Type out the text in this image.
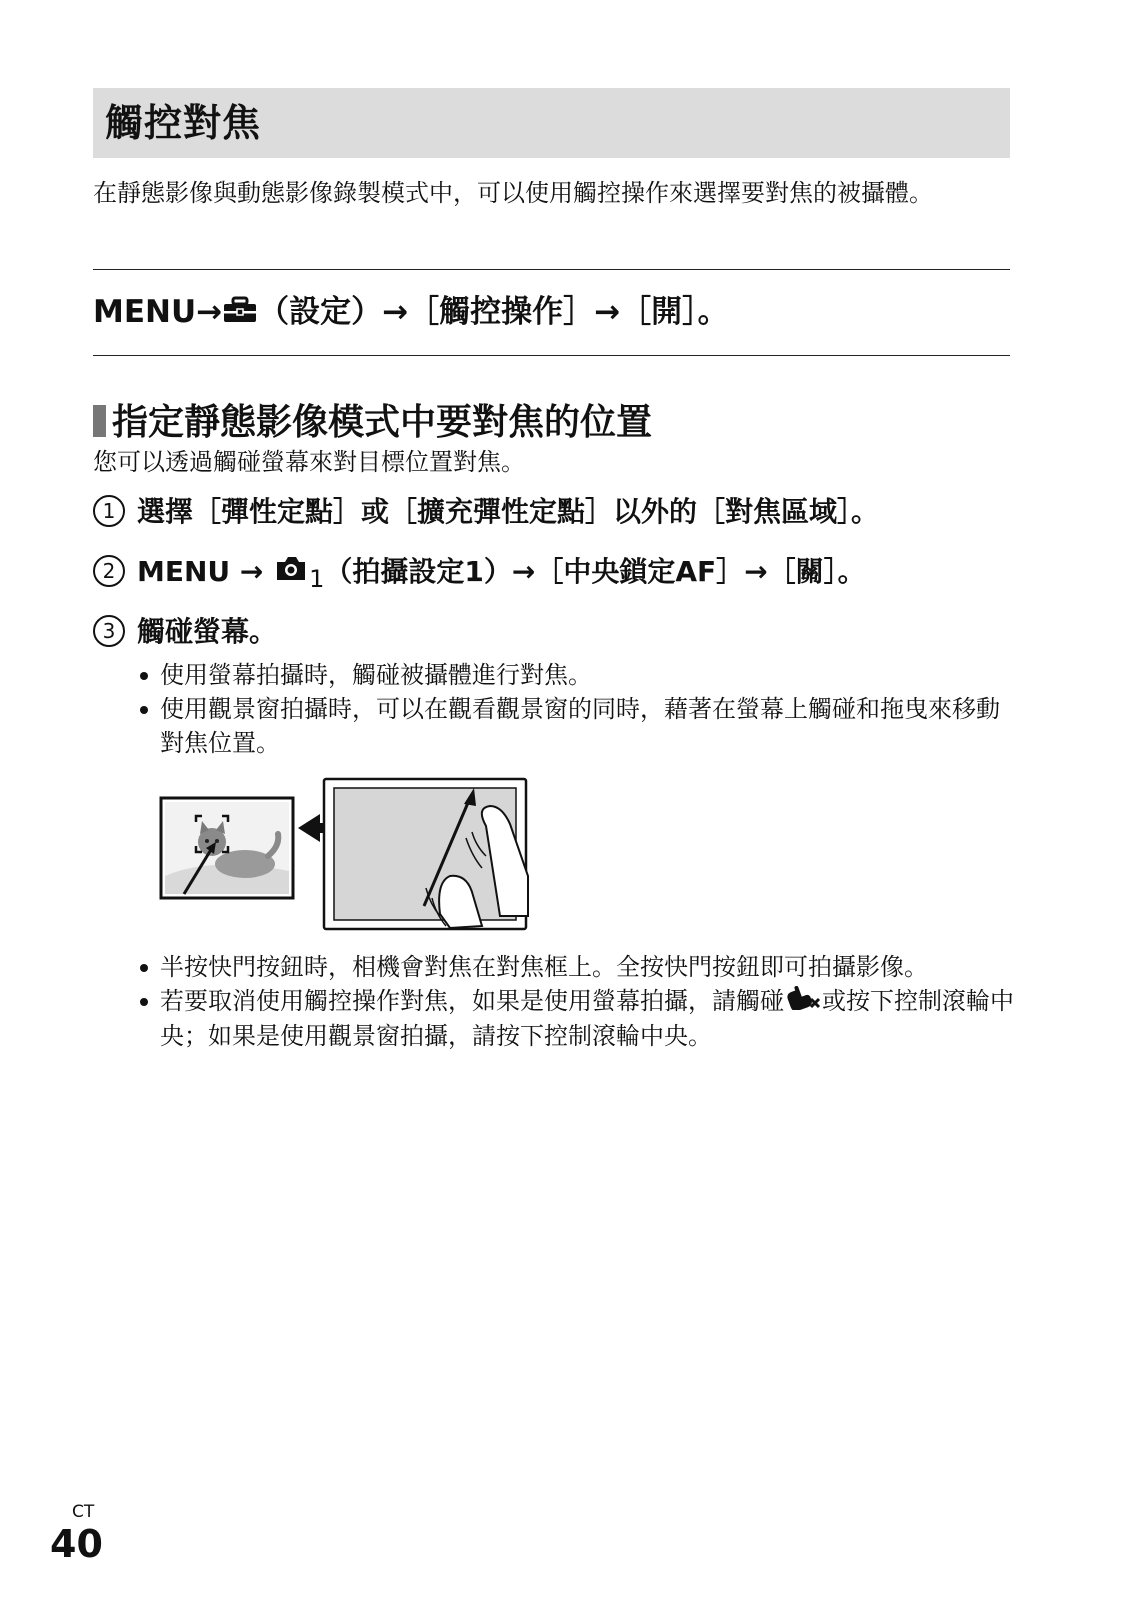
觸控對焦

在靜態影像與動態影像錄製模式中，可以使用觸控操作來選擇要對焦的被攝體。

MENU→ （設定）→［觸控操作］→［開］。
指定靜態影像模式中要對焦的位置

您可以透過觸碰螢幕來對目標位置對焦。

1 選擇［彈性定點］或［擴充彈性定點］以外的［對焦區域］。
2 MENU → 1（拍攝設定1）→［中央鎖定AF］→［關］。
3 觸碰螢幕。
使用螢幕拍攝時，觸碰被攝體進行對焦。
使用觀景窗拍攝時，可以在觀看觀景窗的同時，藉著在螢幕上觸碰和拖曳來移動對焦位置。
半按快門按鈕時，相機會對焦在對焦框上。全按快門按鈕即可拍攝影像。
若要取消使用觸控操作對焦，如果是使用螢幕拍攝，請觸碰 或按下控制滾輪中央；如果是使用觀景窗拍攝，請按下控制滾輪中央。
CT
40
